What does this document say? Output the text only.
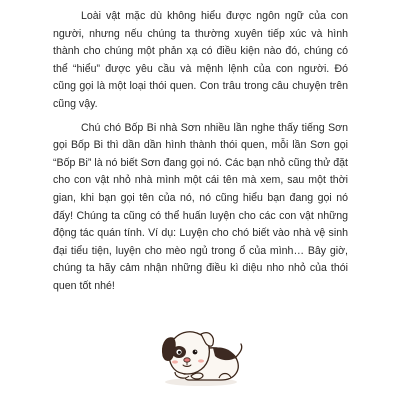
Loài vật mặc dù không hiểu được ngôn ngữ của con người, nhưng nếu chúng ta thường xuyên tiếp xúc và hình thành cho chúng một phản xạ có điều kiện nào đó, chúng có thể “hiểu” được yêu cầu và mệnh lệnh của con người. Đó cũng gọi là một loại thói quen. Con trâu trong câu chuyện trên cũng vậy.

Chú chó Bốp Bi nhà Sơn nhiều lần nghe thấy tiếng Sơn gọi Bốp Bi thì dần dần hình thành thói quen, mỗi lần Sơn gọi “Bốp Bi” là nó biết Sơn đang gọi nó. Các bạn nhỏ cũng thử đặt cho con vật nhỏ nhà mình một cái tên mà xem, sau một thời gian, khi bạn gọi tên của nó, nó cũng hiểu bạn đang gọi nó đấy! Chúng ta cũng có thể huấn luyện cho các con vật những động tác quán tính. Ví dụ: Luyện cho chó biết vào nhà vệ sinh đại tiểu tiện, luyện cho mèo ngủ trong ổ của mình… Bây giờ, chúng ta hãy cảm nhận những điều kì diệu nho nhỏ của thói quen tốt nhé!
